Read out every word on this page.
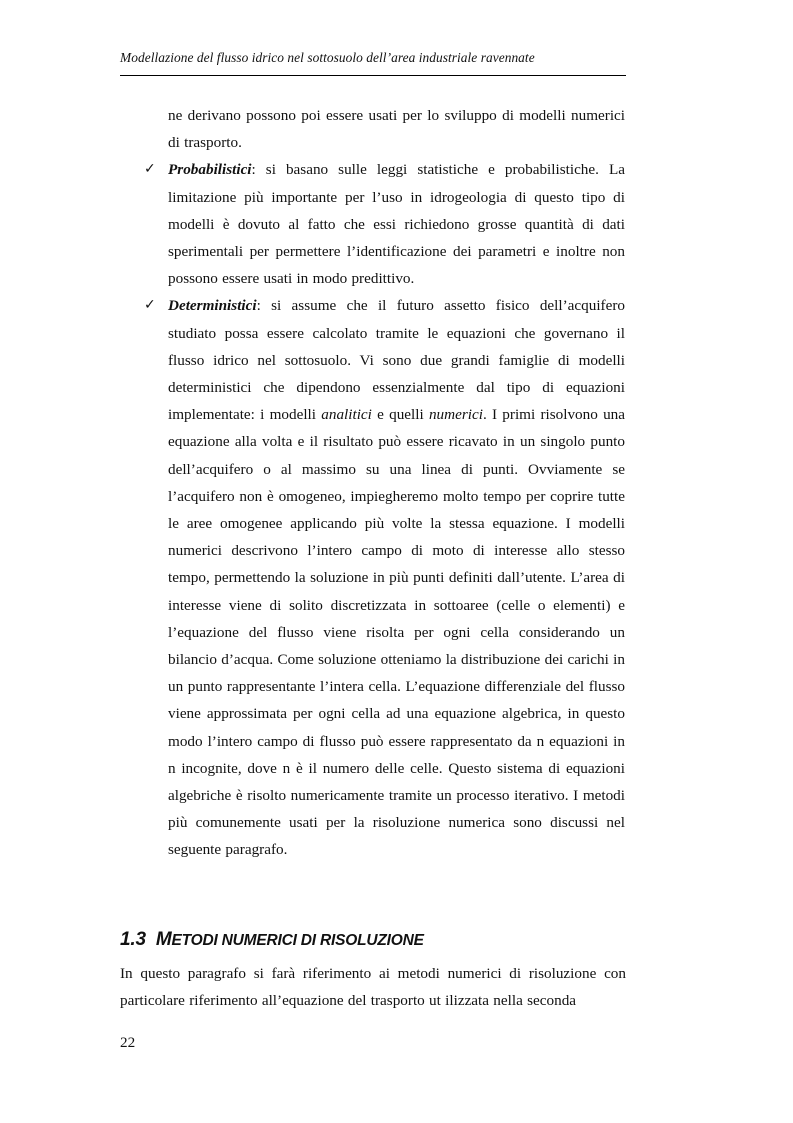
Modellazione del flusso idrico nel sottosuolo dell’area industriale ravennate
ne derivano possono poi essere usati per lo sviluppo di modelli numerici di trasporto.
✓ Probabilistici: si basano sulle leggi statistiche e probabilistiche. La limitazione più importante per l’uso in idrogeologia di questo tipo di modelli è dovuto al fatto che essi richiedono grosse quantità di dati sperimentali per permettere l’identificazione dei parametri e inoltre non possono essere usati in modo predittivo.
✓ Deterministici: si assume che il futuro assetto fisico dell’acquifero studiato possa essere calcolato tramite le equazioni che governano il flusso idrico nel sottosuolo. Vi sono due grandi famiglie di modelli deterministici che dipendono essenzialmente dal tipo di equazioni implementate: i modelli analitici e quelli numerici. I primi risolvono una equazione alla volta e il risultato può essere ricavato in un singolo punto dell’acquifero o al massimo su una linea di punti. Ovviamente se l’acquifero non è omogeneo, impiegheremo molto tempo per coprire tutte le aree omogenee applicando più volte la stessa equazione. I modelli numerici descrivono l’intero campo di moto di interesse allo stesso tempo, permettendo la soluzione in più punti definiti dall’utente. L’area di interesse viene di solito discretizzata in sottoaree (celle o elementi) e l’equazione del flusso viene risolta per ogni cella considerando un bilancio d’acqua. Come soluzione otteniamo la distribuzione dei carichi in un punto rappresentante l’intera cella. L’equazione differenziale del flusso viene approssimata per ogni cella ad una equazione algebrica, in questo modo l’intero campo di flusso può essere rappresentato da n equazioni in n incognite, dove n è il numero delle celle. Questo sistema di equazioni algebriche è risolto numericamente tramite un processo iterativo. I metodi più comunemente usati per la risoluzione numerica sono discussi nel seguente paragrafo.
1.3 METODI NUMERICI DI RISOLUZIONE
In questo paragrafo si farà riferimento ai metodi numerici di risoluzione con particolare riferimento all’equazione del trasporto ut ilizzata nella seconda
22
